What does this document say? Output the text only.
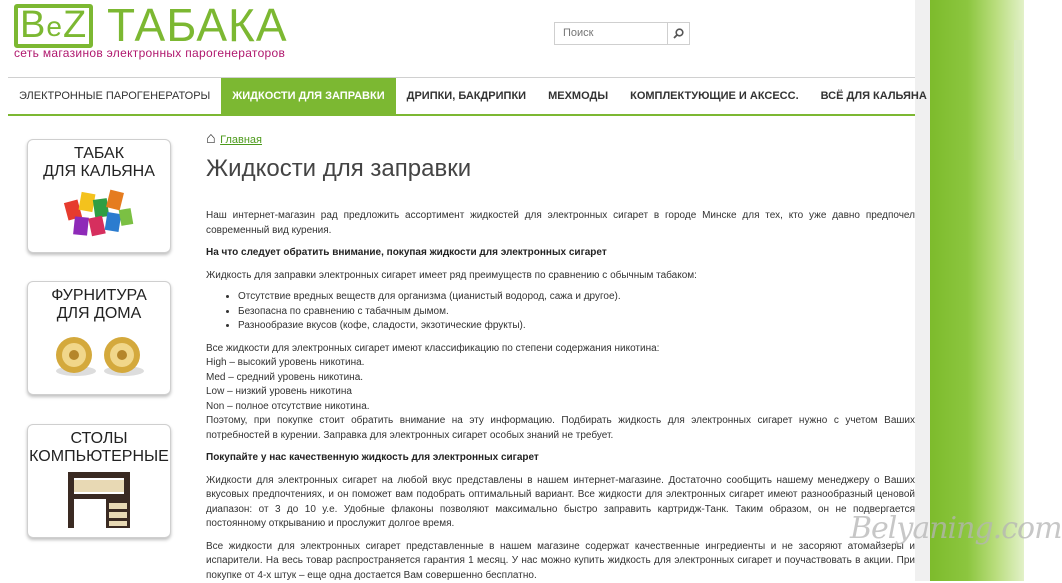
BeZ ТАБАКА
сеть магазинов электронных парогенераторов
Поиск
ЭЛЕКТРОННЫЕ ПАРОГЕНЕРАТОРЫ	ЖИДКОСТИ ДЛЯ ЗАПРАВКИ	ДРИПКИ, БАКДРИПКИ	МЕХМОДЫ	КОМПЛЕКТУЮЩИЕ И АКСЕСС.	ВСЁ ДЛЯ КАЛЬЯНА
ТАБАК
ДЛЯ КАЛЬЯНА
ФУРНИТУРА
ДЛЯ ДОМА
СТОЛЫ
КОМПЬЮТЕРНЫЕ
⌂ Главная
Жидкости для заправки
Наш интернет-магазин рад предложить ассортимент жидкостей для электронных сигарет в городе Минске для тех, кто уже давно предпочел современный вид курения.
На что следует обратить внимание, покупая жидкости для электронных сигарет
Жидкость для заправки электронных сигарет имеет ряд преимуществ по сравнению с обычным табаком:
• Отсутствие вредных веществ для организма (цианистый водород, сажа и другое).
• Безопасна по сравнению с табачным дымом.
• Разнообразие вкусов (кофе, сладости, экзотические фрукты).
Все жидкости для электронных сигарет имеют классификацию по степени содержания никотина:
High – высокий уровень никотина.
Med – средний уровень никотина.
Low – низкий уровень никотина
Non – полное отсутствие никотина.
Поэтому, при покупке стоит обратить внимание на эту информацию. Подбирать жидкость для электронных сигарет нужно с учетом Ваших потребностей в курении. Заправка для электронных сигарет особых знаний не требует.
Покупайте у нас качественную жидкость для электронных сигарет
Жидкости для электронных сигарет на любой вкус представлены в нашем интернет-магазине. Достаточно сообщить нашему менеджеру о Ваших вкусовых предпочтениях, и он поможет вам подобрать оптимальный вариант. Все жидкости для электронных сигарет имеют разнообразный ценовой диапазон: от 3 до 10 у.е. Удобные флаконы позволяют максимально быстро заправить картридж-Танк. Таким образом, он не подвергается постоянному открыванию и прослужит долгое время.
Все жидкости для электронных сигарет представленные в нашем магазине содержат качественные ингредиенты и не засоряют атомайзеры и испарители. На весь товар распространяется гарантия 1 месяц. У нас можно купить жидкость для электронных сигарет и поучаствовать в акции. При покупке от 4-х штук – еще одна достается Вам совершенно бесплатно.
Belyaning.com
